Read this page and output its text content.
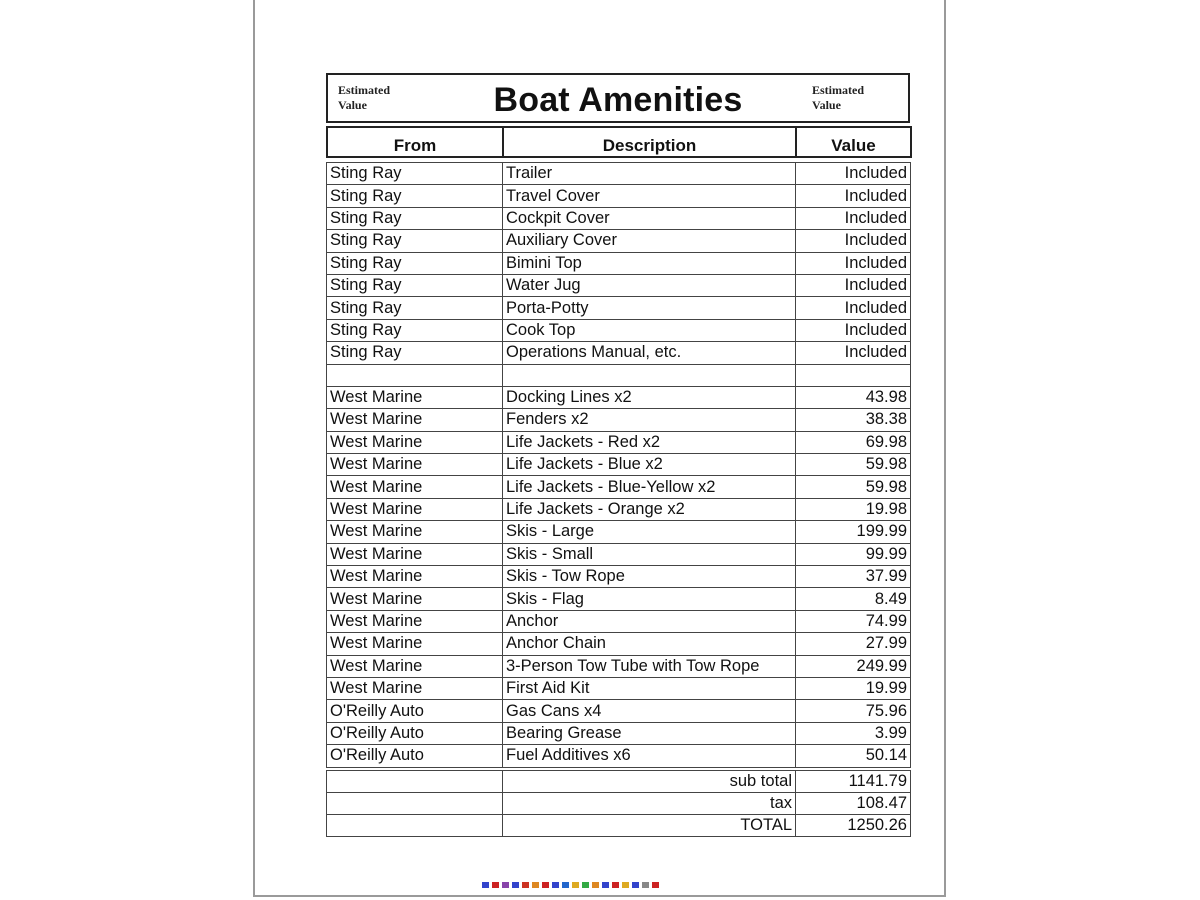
Estimated Value	Boat Amenities	Estimated Value
From	Description	Value
Sting Ray	Trailer	Included
Sting Ray	Travel Cover	Included
Sting Ray	Cockpit Cover	Included
Sting Ray	Auxiliary Cover	Included
Sting Ray	Bimini Top	Included
Sting Ray	Water Jug	Included
Sting Ray	Porta-Potty	Included
Sting Ray	Cook Top	Included
Sting Ray	Operations Manual, etc.	Included

West Marine	Docking Lines x2	43.98
West Marine	Fenders x2	38.38
West Marine	Life Jackets - Red x2	69.98
West Marine	Life Jackets - Blue x2	59.98
West Marine	Life Jackets - Blue-Yellow x2	59.98
West Marine	Life Jackets - Orange x2	19.98
West Marine	Skis - Large	199.99
West Marine	Skis - Small	99.99
West Marine	Skis - Tow Rope	37.99
West Marine	Skis - Flag	8.49
West Marine	Anchor	74.99
West Marine	Anchor Chain	27.99
West Marine	3-Person Tow Tube with Tow Rope	249.99
West Marine	First Aid Kit	19.99
O'Reilly Auto	Gas Cans x4	75.96
O'Reilly Auto	Bearing Grease	3.99
O'Reilly Auto	Fuel Additives x6	50.14
	sub total	1141.79
	tax	108.47
	TOTAL	1250.26
